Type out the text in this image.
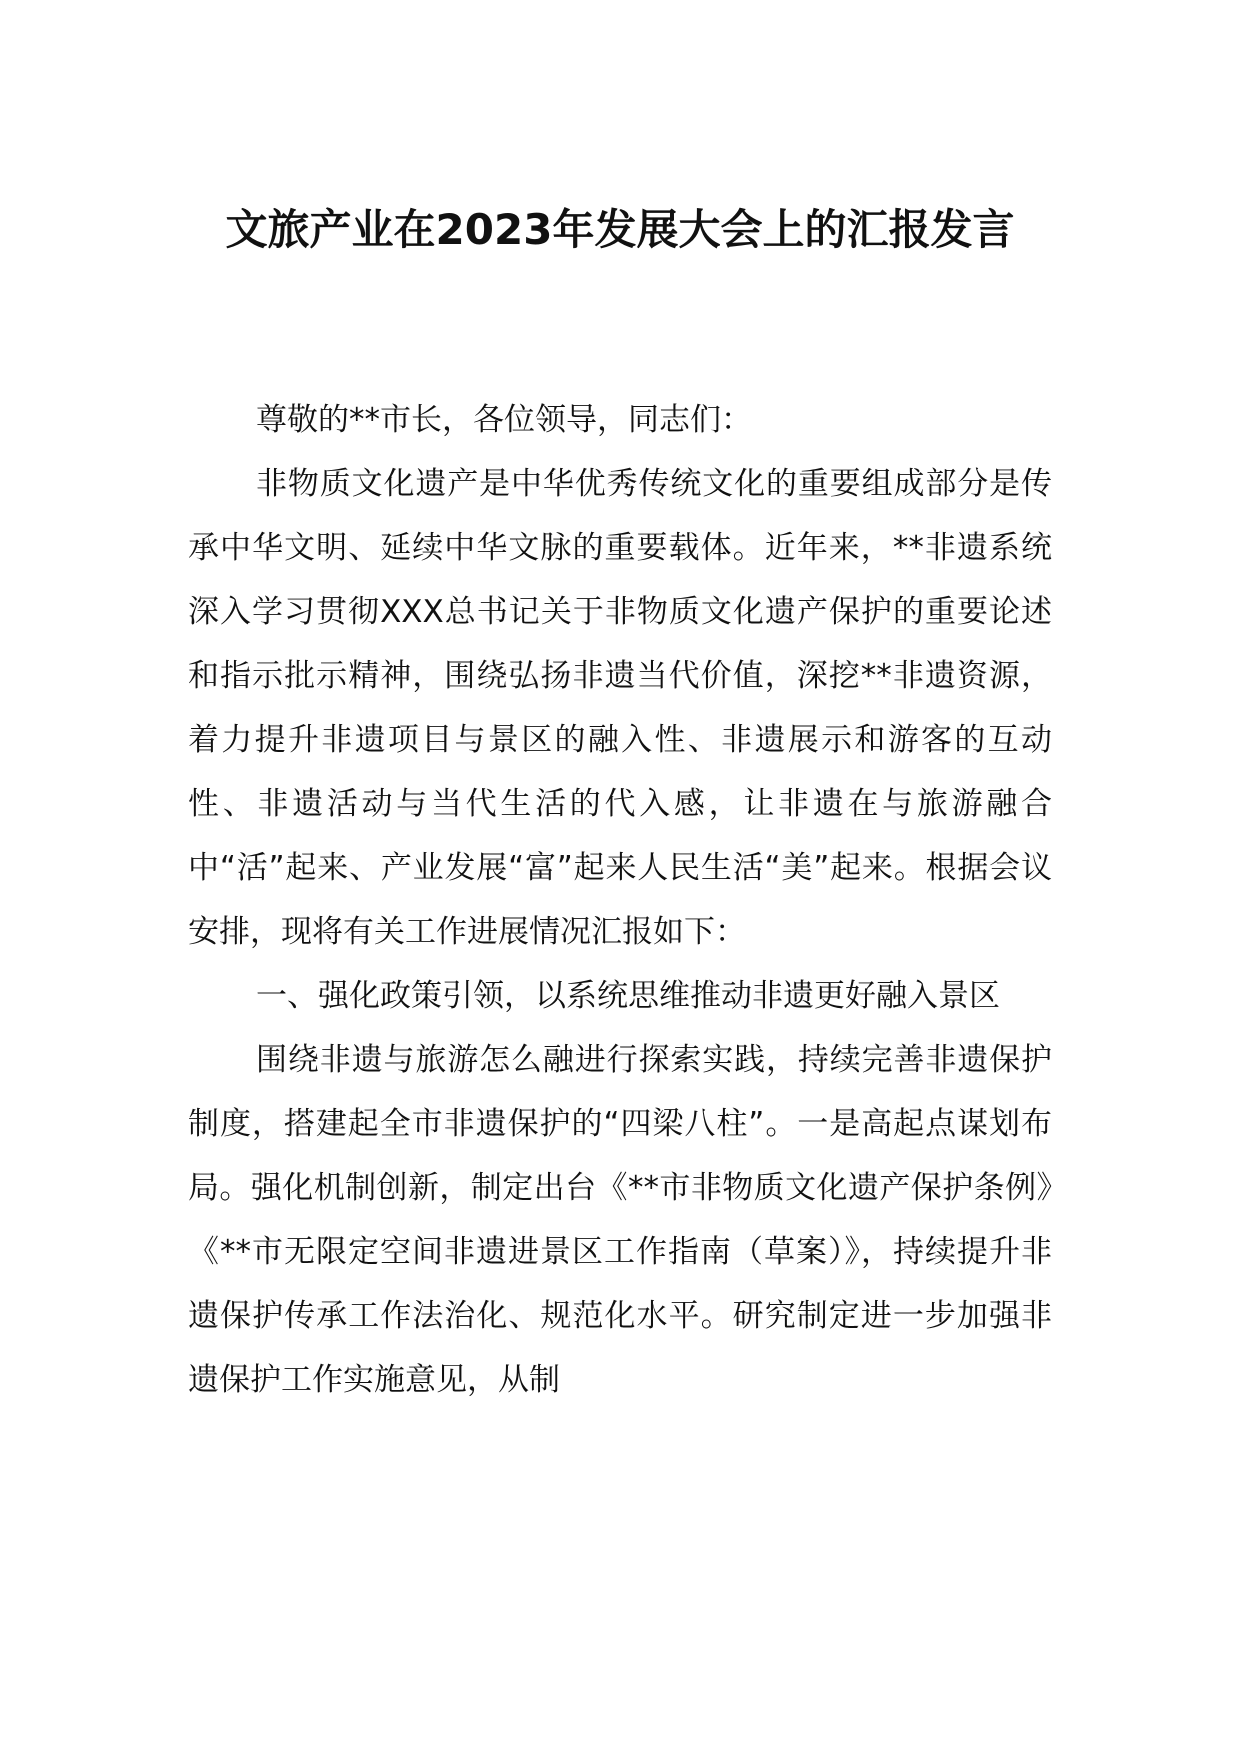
文旅产业在2023年发展大会上的汇报发言

尊敬的**市长，各位领导，同志们：

非物质文化遗产是中华优秀传统文化的重要组成部分是传承中华文明、延续中华文脉的重要载体。近年来，**非遗系统深入学习贯彻XXX总书记关于非物质文化遗产保护的重要论述和指示批示精神，围绕弘扬非遗当代价值，深挖**非遗资源，着力提升非遗项目与景区的融入性、非遗展示和游客的互动性、非遗活动与当代生活的代入感，让非遗在与旅游融合中“活”起来、产业发展“富”起来人民生活“美”起来。根据会议安排，现将有关工作进展情况汇报如下：

一、强化政策引领，以系统思维推动非遗更好融入景区

围绕非遗与旅游怎么融进行探索实践，持续完善非遗保护制度，搭建起全市非遗保护的“四梁八柱”。一是高起点谋划布局。强化机制创新，制定出台《**市非物质文化遗产保护条例》《**市无限定空间非遗进景区工作指南（草案）》，持续提升非遗保护传承工作法治化、规范化水平。研究制定进一步加强非遗保护工作实施意见，从制
